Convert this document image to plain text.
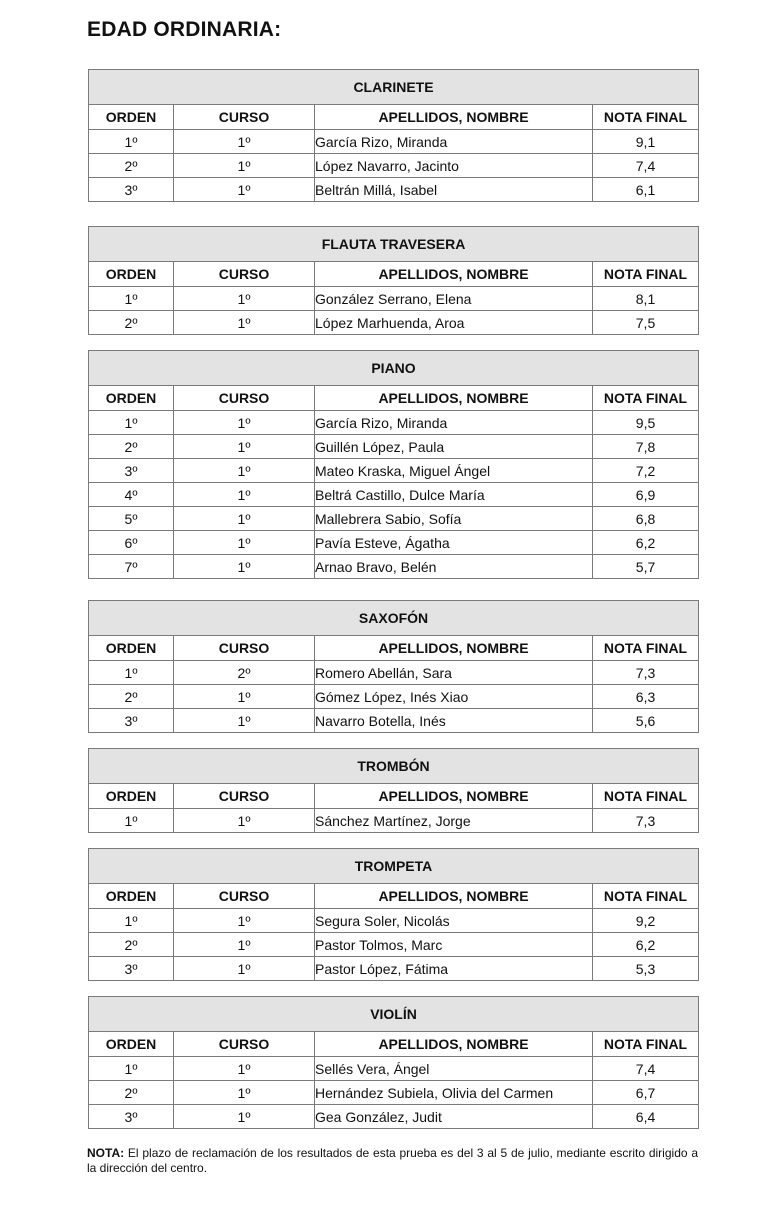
EDAD ORDINARIA:
CLARINETE			
ORDEN	CURSO	APELLIDOS, NOMBRE	NOTA FINAL
1º	1º	García Rizo, Miranda	9,1
2º	1º	López Navarro, Jacinto	7,4
3º	1º	Beltrán Millá, Isabel	6,1
FLAUTA TRAVESERA			
ORDEN	CURSO	APELLIDOS, NOMBRE	NOTA FINAL
1º	1º	González Serrano, Elena	8,1
2º	1º	López Marhuenda, Aroa	7,5
PIANO			
ORDEN	CURSO	APELLIDOS, NOMBRE	NOTA FINAL
1º	1º	García Rizo, Miranda	9,5
2º	1º	Guillén López, Paula	7,8
3º	1º	Mateo Kraska, Miguel Ángel	7,2
4º	1º	Beltrá Castillo, Dulce María	6,9
5º	1º	Mallebrera Sabio, Sofía	6,8
6º	1º	Pavía Esteve, Ágatha	6,2
7º	1º	Arnao Bravo, Belén	5,7
SAXOFÓN			
ORDEN	CURSO	APELLIDOS, NOMBRE	NOTA FINAL
1º	2º	Romero Abellán, Sara	7,3
2º	1º	Gómez López, Inés Xiao	6,3
3º	1º	Navarro Botella, Inés	5,6
TROMBÓN			
ORDEN	CURSO	APELLIDOS, NOMBRE	NOTA FINAL
1º	1º	Sánchez Martínez, Jorge	7,3
TROMPETA			
ORDEN	CURSO	APELLIDOS, NOMBRE	NOTA FINAL
1º	1º	Segura Soler, Nicolás	9,2
2º	1º	Pastor Tolmos, Marc	6,2
3º	1º	Pastor López, Fátima	5,3
VIOLÍN			
ORDEN	CURSO	APELLIDOS, NOMBRE	NOTA FINAL
1º	1º	Sellés Vera, Ángel	7,4
2º	1º	Hernández Subiela, Olivia del Carmen	6,7
3º	1º	Gea González, Judit	6,4

NOTA: El plazo de reclamación de los resultados de esta prueba es del 3 al 5 de julio, mediante escrito dirigido a la dirección del centro.
